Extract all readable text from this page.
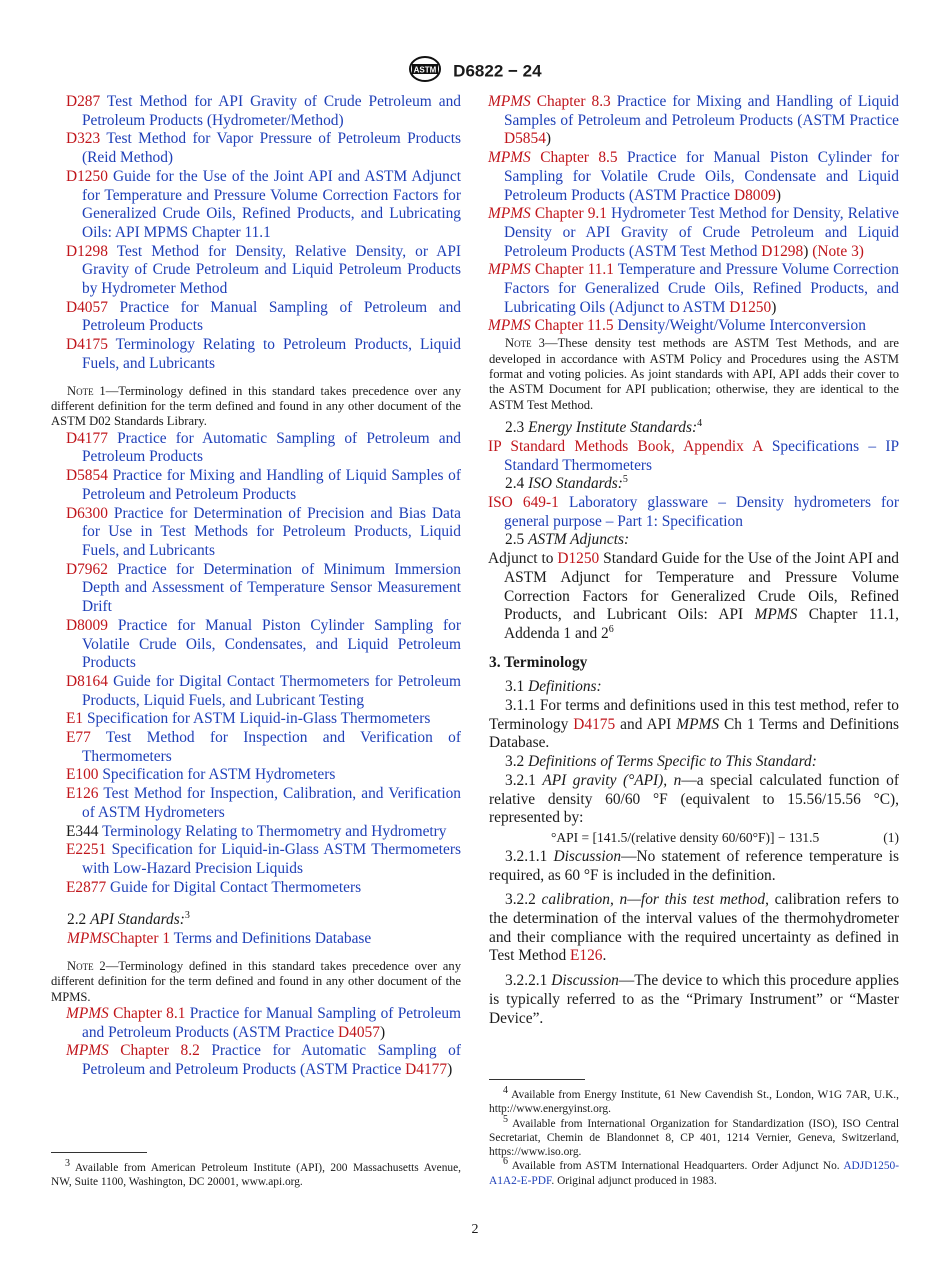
ASTM D6822 − 24
D287 Test Method for API Gravity of Crude Petroleum and Petroleum Products (Hydrometer/Method)
D323 Test Method for Vapor Pressure of Petroleum Products (Reid Method)
D1250 Guide for the Use of the Joint API and ASTM Adjunct for Temperature and Pressure Volume Correction Factors for Generalized Crude Oils, Refined Products, and Lubricating Oils: API MPMS Chapter 11.1
D1298 Test Method for Density, Relative Density, or API Gravity of Crude Petroleum and Liquid Petroleum Products by Hydrometer Method
D4057 Practice for Manual Sampling of Petroleum and Petroleum Products
D4175 Terminology Relating to Petroleum Products, Liquid Fuels, and Lubricants
Note 1—Terminology defined in this standard takes precedence over any different definition for the term defined and found in any other document of the ASTM D02 Standards Library.
D4177 Practice for Automatic Sampling of Petroleum and Petroleum Products
D5854 Practice for Mixing and Handling of Liquid Samples of Petroleum and Petroleum Products
D6300 Practice for Determination of Precision and Bias Data for Use in Test Methods for Petroleum Products, Liquid Fuels, and Lubricants
D7962 Practice for Determination of Minimum Immersion Depth and Assessment of Temperature Sensor Measurement Drift
D8009 Practice for Manual Piston Cylinder Sampling for Volatile Crude Oils, Condensates, and Liquid Petroleum Products
D8164 Guide for Digital Contact Thermometers for Petroleum Products, Liquid Fuels, and Lubricant Testing
E1 Specification for ASTM Liquid-in-Glass Thermometers
E77 Test Method for Inspection and Verification of Thermometers
E100 Specification for ASTM Hydrometers
E126 Test Method for Inspection, Calibration, and Verification of ASTM Hydrometers
E344 Terminology Relating to Thermometry and Hydrometry
E2251 Specification for Liquid-in-Glass ASTM Thermometers with Low-Hazard Precision Liquids
E2877 Guide for Digital Contact Thermometers
2.2 API Standards:$^3$
MPMSChapter 1 Terms and Definitions Database
Note 2—Terminology defined in this standard takes precedence over any different definition for the term defined and found in any other document of the MPMS.
MPMS Chapter 8.1 Practice for Manual Sampling of Petroleum and Petroleum Products (ASTM Practice D4057)
MPMS Chapter 8.2 Practice for Automatic Sampling of Petroleum and Petroleum Products (ASTM Practice D4177)
$^3$ Available from American Petroleum Institute (API), 200 Massachusetts Avenue, NW, Suite 1100, Washington, DC 20001, www.api.org.
MPMS Chapter 8.3 Practice for Mixing and Handling of Liquid Samples of Petroleum and Petroleum Products (ASTM Practice D5854)
MPMS Chapter 8.5 Practice for Manual Piston Cylinder for Sampling for Volatile Crude Oils, Condensate and Liquid Petroleum Products (ASTM Practice D8009)
MPMS Chapter 9.1 Hydrometer Test Method for Density, Relative Density or API Gravity of Crude Petroleum and Liquid Petroleum Products (ASTM Test Method D1298) (Note 3)
MPMS Chapter 11.1 Temperature and Pressure Volume Correction Factors for Generalized Crude Oils, Refined Products, and Lubricating Oils (Adjunct to ASTM D1250)
MPMS Chapter 11.5 Density/Weight/Volume Interconversion
Note 3—These density test methods are ASTM Test Methods, and are developed in accordance with ASTM Policy and Procedures using the ASTM format and voting policies. As joint standards with API, API adds their cover to the ASTM Document for API publication; otherwise, they are identical to the ASTM Test Method.
2.3 Energy Institute Standards:$^4$
IP Standard Methods Book, Appendix A Specifications – IP Standard Thermometers
2.4 ISO Standards:$^5$
ISO 649-1 Laboratory glassware – Density hydrometers for general purpose – Part 1: Specification
2.5 ASTM Adjuncts:
Adjunct to D1250 Standard Guide for the Use of the Joint API and ASTM Adjunct for Temperature and Pressure Volume Correction Factors for Generalized Crude Oils, Refined Products, and Lubricant Oils: API MPMS Chapter 11.1, Addenda 1 and $2^6$
3. Terminology
3.1 Definitions:
3.1.1 For terms and definitions used in this test method, refer to Terminology D4175 and API MPMS Ch 1 Terms and Definitions Database.
3.2 Definitions of Terms Specific to This Standard:
3.2.1 API gravity (°API), n—a special calculated function of relative density 60/60 °F (equivalent to 15.56/15.56 °C), represented by:
°API = [141.5/(relative density 60/60°F)] − 131.5	(1)
3.2.1.1 Discussion—No statement of reference temperature is required, as 60 °F is included in the definition.
3.2.2 calibration, n—for this test method, calibration refers to the determination of the interval values of the thermohydrometer and their compliance with the required uncertainty as defined in Test Method E126.
3.2.2.1 Discussion—The device to which this procedure applies is typically referred to as the “Primary Instrument” or “Master Device”.
$^4$ Available from Energy Institute, 61 New Cavendish St., London, W1G 7AR, U.K., http://www.energyinst.org.
$^5$ Available from International Organization for Standardization (ISO), ISO Central Secretariat, Chemin de Blandonnet 8, CP 401, 1214 Vernier, Geneva, Switzerland, https://www.iso.org.
$^6$ Available from ASTM International Headquarters. Order Adjunct No. ADJD1250-A1A2-E-PDF. Original adjunct produced in 1983.
2
